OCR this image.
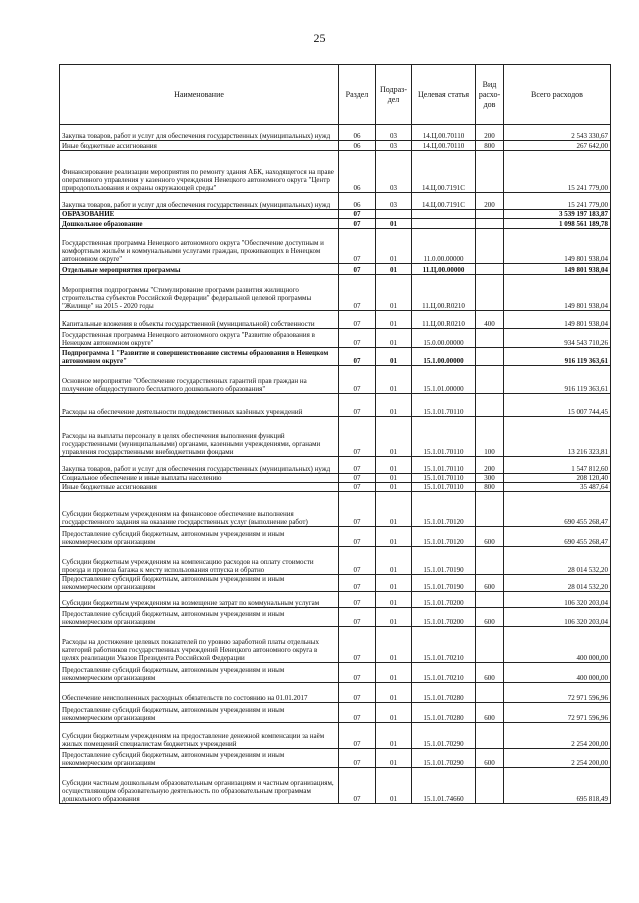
25
Наименование	Раздел	Подраз-дел	Целевая статья	Вид расхо-дов	Всего расходов
Закупка товаров, работ и услуг для обеспечения государственных (муниципальных) нужд	06	03	14.Ц.00.70110	200	2 543 330,67
Иные бюджетные ассигнования	06	03	14.Ц.00.70110	800	267 642,00
Финансирование реализации мероприятия по ремонту здания АБК, находящегося на праве оперативного управления у казенного учреждения Ненецкого автономного округа "Центр природопользования и охраны окружающей среды"	06	03	14.Ц.00.7191С		15 241 779,00
Закупка товаров, работ и услуг для обеспечения государственных (муниципальных) нужд	06	03	14.Ц.00.7191С	200	15 241 779,00
ОБРАЗОВАНИЕ	07				3 539 197 183,87
Дошкольное образование	07	01			1 098 561 189,78
Государственная программа Ненецкого автономного округа "Обеспечение доступным и комфортным жильём и коммунальными услугами граждан, проживающих в Ненецком автономном округе"	07	01	11.0.00.00000		149 801 938,04
Отдельные мероприятия программы	07	01	11.Ц.00.00000		149 801 938,04
Мероприятия подпрограммы "Стимулирование программ развития жилищного строительства субъектов Российской Федерации" федеральной целевой программы "Жилище" на 2015 - 2020 годы	07	01	11.Ц.00.R0210		149 801 938,04
Капитальные вложения в объекты государственной (муниципальной) собственности	07	01	11.Ц.00.R0210	400	149 801 938,04
Государственная программа Ненецкого автономного округа "Развитие образования в Ненецком автономном округе"	07	01	15.0.00.00000		934 543 710,26
Подпрограмма 1 "Развитие и совершенствование системы образования в Ненецком автономном округе"	07	01	15.1.00.00000		916 119 363,61
Основное мероприятие "Обеспечение государственных гарантий прав граждан на получение общедоступного бесплатного дошкольного образования"	07	01	15.1.01.00000		916 119 363,61
Расходы на обеспечение деятельности подведомственных казённых учреждений	07	01	15.1.01.70110		15 007 744,45
Расходы на выплаты персоналу в целях обеспечения выполнения функций государственными (муниципальными) органами, казенными учреждениями, органами управления государственными внебюджетными фондами	07	01	15.1.01.70110	100	13 216 323,81
Закупка товаров, работ и услуг для обеспечения государственных (муниципальных) нужд	07	01	15.1.01.70110	200	1 547 812,60
Социальное обеспечение и иные выплаты населению	07	01	15.1.01.70110	300	208 120,40
Иные бюджетные ассигнования	07	01	15.1.01.70110	800	35 487,64
Субсидии бюджетным учреждениям на финансовое обеспечение выполнения государственного задания на оказание государственных услуг (выполнение работ)	07	01	15.1.01.70120		690 455 268,47
Предоставление субсидий бюджетным, автономным учреждениям и иным некоммерческим организациям	07	01	15.1.01.70120	600	690 455 268,47
Субсидии бюджетным учреждениям на компенсацию расходов на оплату стоимости проезда и провоза багажа к месту использования отпуска и обратно	07	01	15.1.01.70190		28 014 532,20
Предоставление субсидий бюджетным, автономным учреждениям и иным некоммерческим организациям	07	01	15.1.01.70190	600	28 014 532,20
Субсидии бюджетным учреждениям на возмещение затрат по коммунальным услугам	07	01	15.1.01.70200		106 320 203,04
Предоставление субсидий бюджетным, автономным учреждениям и иным некоммерческим организациям	07	01	15.1.01.70200	600	106 320 203,04
Расходы на достижение целевых показателей по уровню заработной платы отдельных категорий работников государственных учреждений Ненецкого автономного округа в целях реализации Указов Президента Российской Федерации	07	01	15.1.01.70210		400 000,00
Предоставление субсидий бюджетным, автономным учреждениям и иным некоммерческим организациям	07	01	15.1.01.70210	600	400 000,00
Обеспечение неисполненных расходных обязательств по состоянию на 01.01.2017	07	01	15.1.01.70280		72 971 596,96
Предоставление субсидий бюджетным, автономным учреждениям и иным некоммерческим организациям	07	01	15.1.01.70280	600	72 971 596,96
Субсидии бюджетным учреждениям на предоставление денежной компенсации за наём жилых помещений специалистам бюджетных учреждений	07	01	15.1.01.70290		2 254 200,00
Предоставление субсидий бюджетным, автономным учреждениям и иным некоммерческим организациям	07	01	15.1.01.70290	600	2 254 200,00
Субсидии частным дошкольным образовательным организациям и частным организациям, осуществляющим образовательную деятельность по образовательным программам дошкольного образования	07	01	15.1.01.74660		695 818,49
